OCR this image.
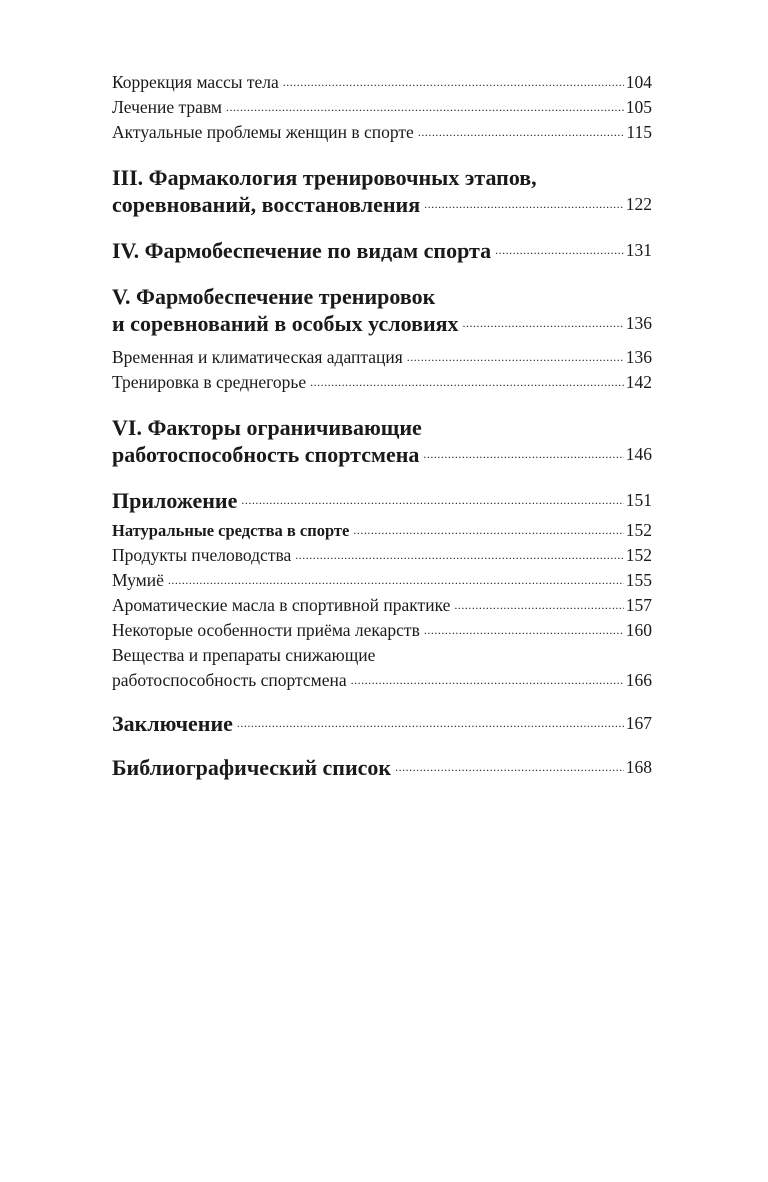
Коррекция массы тела .....	104
Лечение травм .....	105
Актуальные проблемы женщин в спорте .....	115
III. Фармакология тренировочных этапов,
соревнований, восстановления .....	122
IV. Фармобеспечение по видам спорта .....	131
V. Фармобеспечение тренировок
и соревнований в особых условиях .....	136
Временная и климатическая адаптация .....	136
Тренировка в среднегорье .....	142
VI. Факторы ограничивающие
работоспособность спортсмена .....	146
Приложение .....	151
Натуральные средства в спорте .....	152
Продукты пчеловодства .....	152
Мумиё .....	155
Ароматические масла в спортивной практике .....	157
Некоторые особенности приёма лекарств .....	160
Вещества и препараты снижающие
работоспособность спортсмена .....	166
Заключение .....	167
Библиографический список .....	168
